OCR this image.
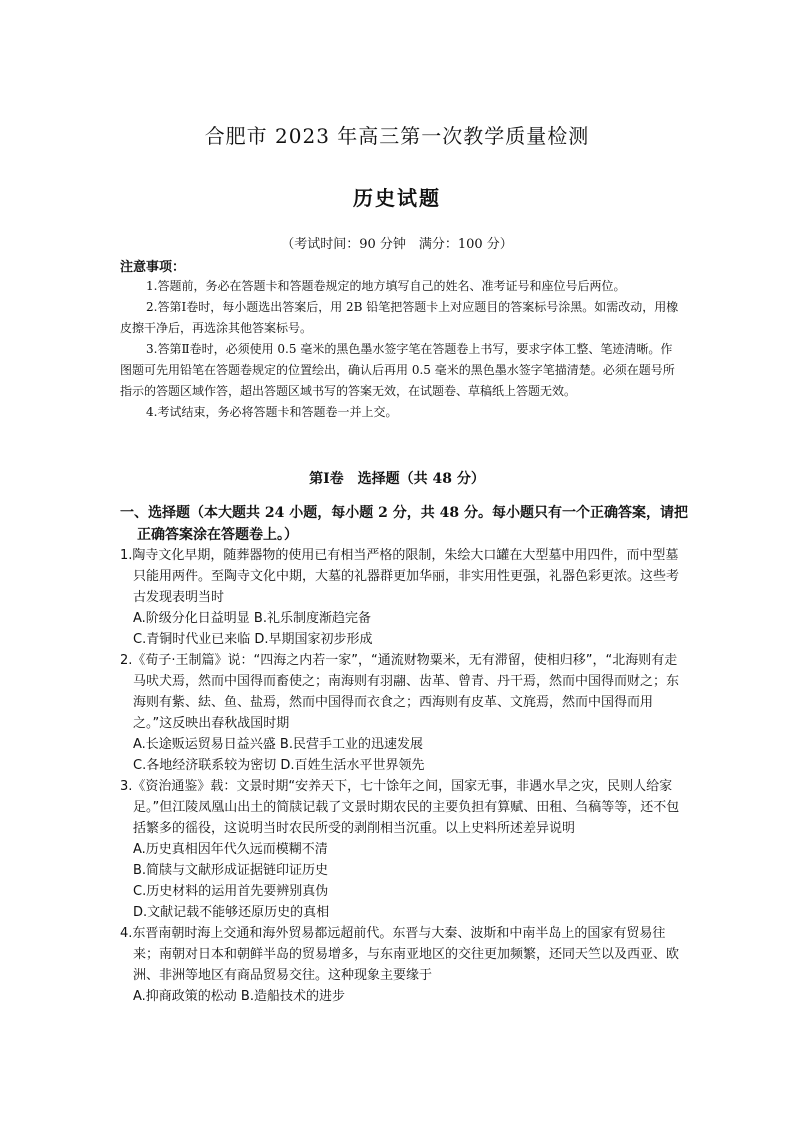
合肥市 2023 年高三第一次教学质量检测
历史试题
（考试时间：90 分钟　满分：100 分）
注意事项：

1.答题前，务必在答题卡和答题卷规定的地方填写自己的姓名、准考证号和座位号后两位。

2.答第Ⅰ卷时，每小题选出答案后，用 2B 铅笔把答题卡上对应题目的答案标号涂黑。如需改动，用橡皮擦干净后，再选涂其他答案标号。

3.答第Ⅱ卷时，必须使用 0.5 毫米的黑色墨水签字笔在答题卷上书写，要求字体工整、笔迹清晰。作图题可先用铅笔在答题卷规定的位置绘出，确认后再用 0.5 毫米的黑色墨水签字笔描清楚。必须在题号所指示的答题区域作答，超出答题区域书写的答案无效，在试题卷、草稿纸上答题无效。

4.考试结束，务必将答题卡和答题卷一并上交。

第Ⅰ卷　选择题（共 48 分）
一、选择题（本大题共 24 小题，每小题 2 分，共 48 分。每小题只有一个正确答案，请把
正确答案涂在答题卷上。）
1.陶寺文化早期，随葬器物的使用已有相当严格的限制，朱绘大口罐在大型墓中用四件，而中型墓只能用两件。至陶寺文化中期，大墓的礼器群更加华丽，非实用性更强，礼器色彩更浓。这些考古发现表明当时
A.阶级分化日益明显 B.礼乐制度渐趋完备
C.青铜时代业已来临 D.早期国家初步形成
2.《荀子·王制篇》说：“四海之内若一家”，“通流财物粟米，无有滞留，使相归移”，“北海则有走马吠犬焉，然而中国得而畜使之；南海则有羽翮、齿革、曾青、丹干焉，然而中国得而财之；东海则有紫、紶、鱼、盐焉，然而中国得而衣食之；西海则有皮革、文旄焉，然而中国得而用之。”这反映出春秋战国时期
A.长途贩运贸易日益兴盛 B.民营手工业的迅速发展
C.各地经济联系较为密切 D.百姓生活水平世界领先
3.《资治通鉴》载：文景时期“安养天下，七十馀年之间，国家无事，非遇水旱之灾，民则人给家足。”但江陵凤凰山出土的简牍记载了文景时期农民的主要负担有算赋、田租、刍稿等等，还不包括繁多的徭役，这说明当时农民所受的剥削相当沉重。以上史料所述差异说明
A.历史真相因年代久远而模糊不清
B.简牍与文献形成证据链印证历史
C.历史材料的运用首先要辨别真伪
D.文献记载不能够还原历史的真相
4.东晋南朝时海上交通和海外贸易都远超前代。东晋与大秦、波斯和中南半岛上的国家有贸易往来；南朝对日本和朝鲜半岛的贸易增多，与东南亚地区的交往更加频繁，还同天竺以及西亚、欧洲、非洲等地区有商品贸易交往。这种现象主要缘于
A.抑商政策的松动 B.造船技术的进步
